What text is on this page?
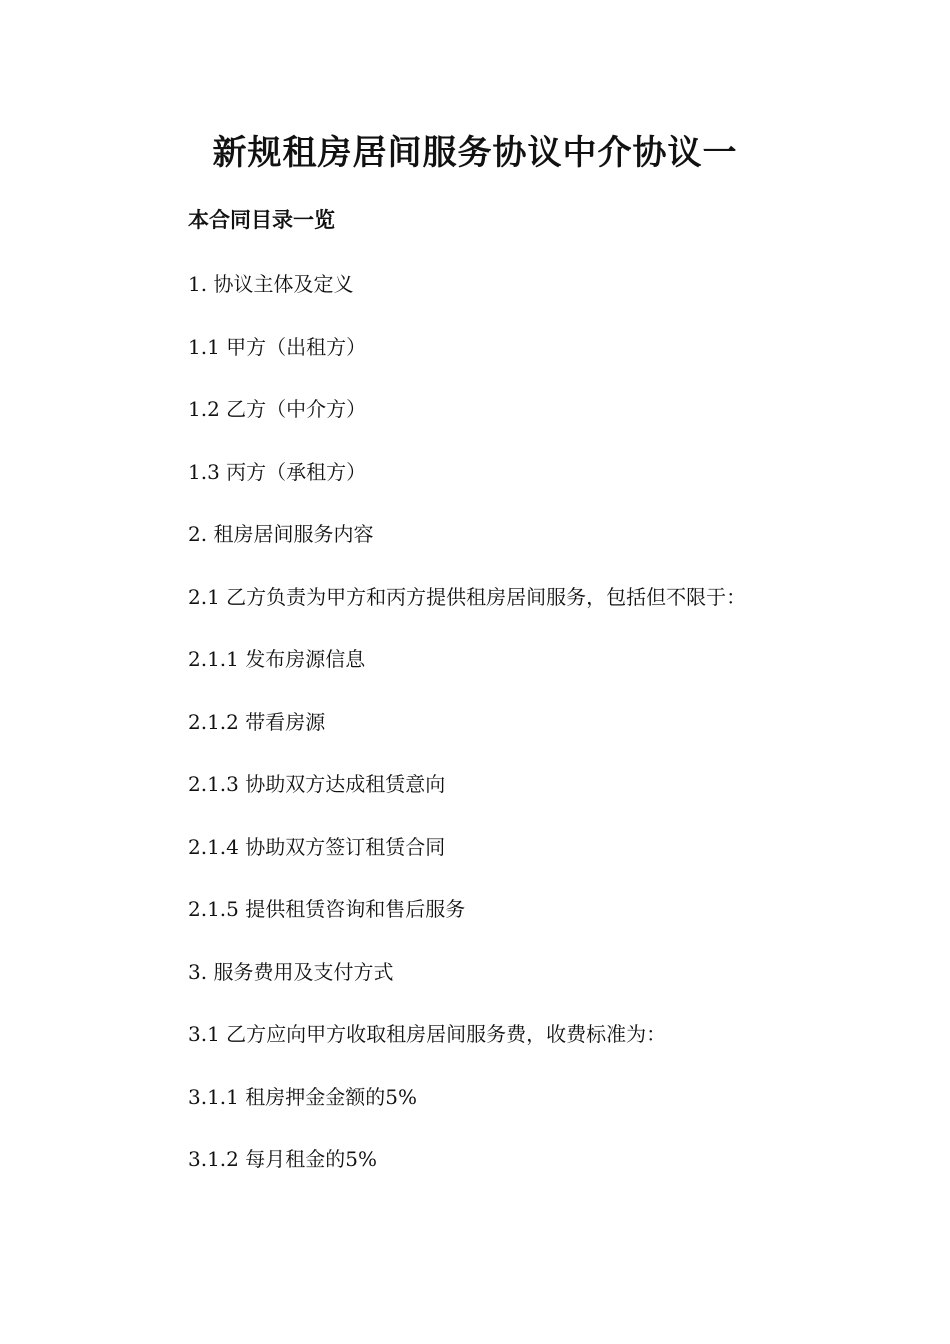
新规租房居间服务协议中介协议一
本合同目录一览
1. 协议主体及定义
1.1 甲方（出租方）
1.2 乙方（中介方）
1.3 丙方（承租方）
2. 租房居间服务内容
2.1 乙方负责为甲方和丙方提供租房居间服务，包括但不限于：
2.1.1 发布房源信息
2.1.2 带看房源
2.1.3 协助双方达成租赁意向
2.1.4 协助双方签订租赁合同
2.1.5 提供租赁咨询和售后服务
3. 服务费用及支付方式
3.1 乙方应向甲方收取租房居间服务费，收费标准为：
3.1.1 租房押金金额的5%
3.1.2 每月租金的5%
